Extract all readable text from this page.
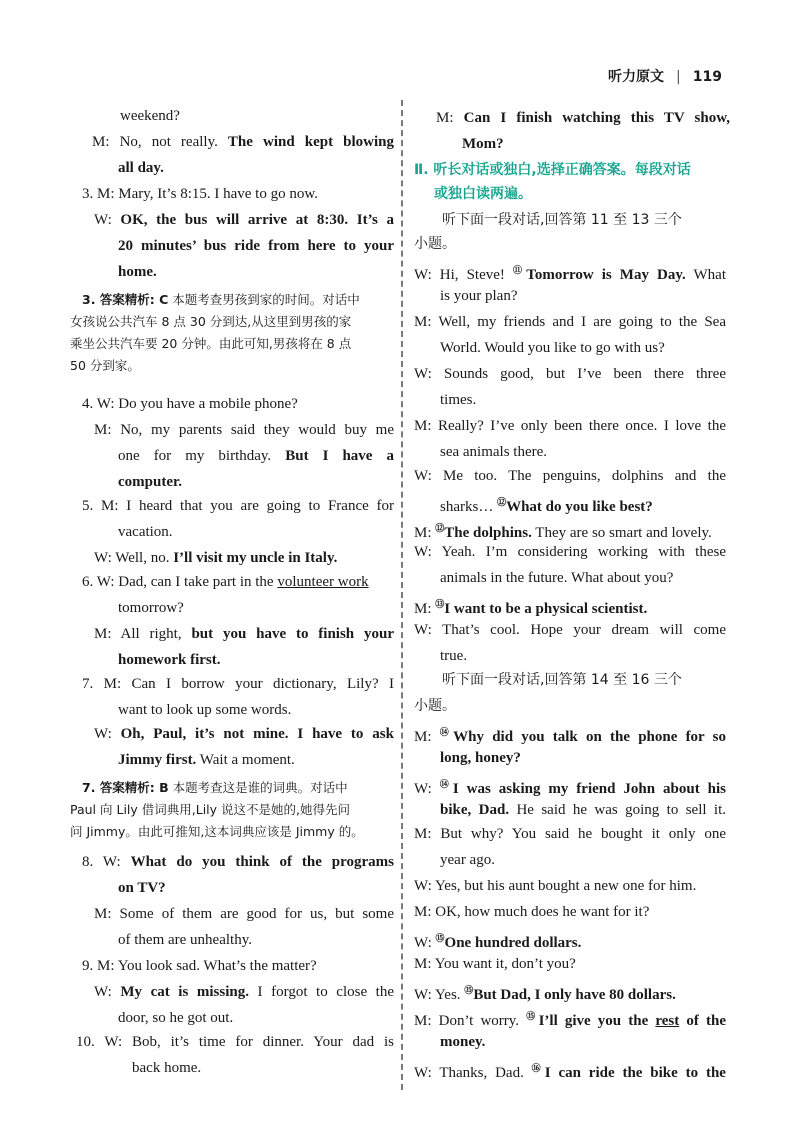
听力原文 | 119
weekend?
M: No, not really. The wind kept blowing
all day.
3. M: Mary, It’s 8:15. I have to go now.
W: OK, the bus will arrive at 8:30. It’s a
20 minutes’ bus ride from here to your
home.
3. 答案精析: C 本题考查男孩到家的时间。对话中
女孩说公共汽车 8 点 30 分到达,从这里到男孩的家
乘坐公共汽车要 20 分钟。由此可知,男孩将在 8 点
50 分到家。
4. W: Do you have a mobile phone?
M: No, my parents said they would buy me
one for my birthday. But I have a
computer.
5. M: I heard that you are going to France for
vacation.
W: Well, no. I’ll visit my uncle in Italy.
6. W: Dad, can I take part in the volunteer work
tomorrow?
M: All right, but you have to finish your
homework first.
7. M: Can I borrow your dictionary, Lily? I
want to look up some words.
W: Oh, Paul, it’s not mine. I have to ask
Jimmy first. Wait a moment.
7. 答案精析: B 本题考查这是谁的词典。对话中
Paul 向 Lily 借词典用,Lily 说这不是她的,她得先问
问 Jimmy。由此可推知,这本词典应该是 Jimmy 的。
8. W: What do you think of the programs
on TV?
M: Some of them are good for us, but some
of them are unhealthy.
9. M: You look sad. What’s the matter?
W: My cat is missing. I forgot to close the
door, so he got out.
10. W: Bob, it’s time for dinner. Your dad is
back home.
M: Can I finish watching this TV show,
Mom?
Ⅱ. 听长对话或独白,选择正确答案。每段对话
或独白读两遍。
听下面一段对话,回答第 11 至 13 三个
小题。
W: Hi, Steve! ⑪Tomorrow is May Day. What
is your plan?
M: Well, my friends and I are going to the Sea
World. Would you like to go with us?
W: Sounds good, but I’ve been there three
times.
M: Really? I’ve only been there once. I love the
sea animals there.
W: Me too. The penguins, dolphins and the
sharks… ⑫What do you like best?
M: ⑫The dolphins. They are so smart and lovely.
W: Yeah. I’m considering working with these
animals in the future. What about you?
M: ⑬I want to be a physical scientist.
W: That’s cool. Hope your dream will come
true.
听下面一段对话,回答第 14 至 16 三个
小题。
M: ⑭Why did you talk on the phone for so
long, honey?
W: ⑭I was asking my friend John about his
bike, Dad. He said he was going to sell it.
M: But why? You said he bought it only one
year ago.
W: Yes, but his aunt bought a new one for him.
M: OK, how much does he want for it?
W: ⑮One hundred dollars.
M: You want it, don’t you?
W: Yes. ⑮But Dad, I only have 80 dollars.
M: Don’t worry. ⑮I’ll give you the rest of the
money.
W: Thanks, Dad. ⑯I can ride the bike to the
